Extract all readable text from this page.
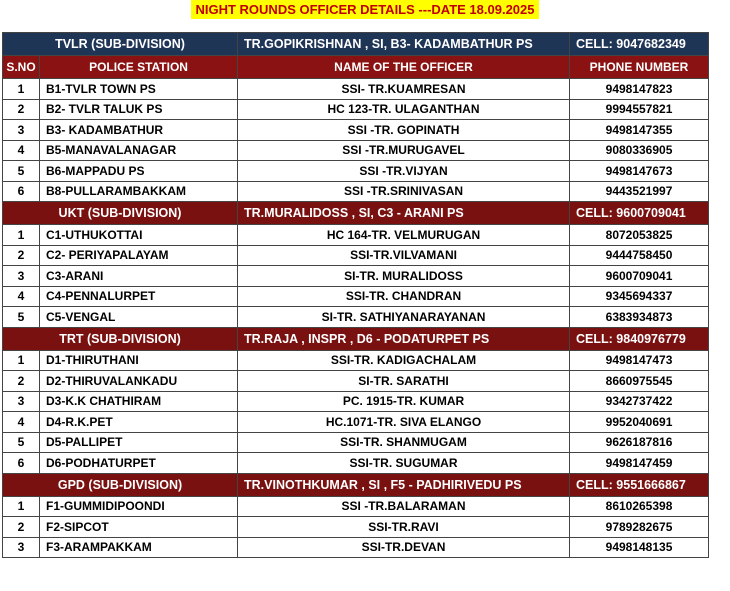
NIGHT ROUNDS OFFICER DETAILS ---DATE 18.09.2025
TVLR (SUB-DIVISION)		TR.GOPIKRISHNAN , SI, B3- KADAMBATHUR PS	CELL: 9047682349
S.NO	POLICE STATION	NAME OF THE OFFICER	PHONE NUMBER
1	B1-TVLR TOWN PS	SSI- TR.KUAMRESAN	9498147823
2	B2- TVLR TALUK PS	HC 123-TR. ULAGANTHAN	9994557821
3	B3- KADAMBATHUR	SSI -TR. GOPINATH	9498147355
4	B5-MANAVALANAGAR	SSI -TR.MURUGAVEL	9080336905
5	B6-MAPPADU PS	SSI -TR.VIJYAN	9498147673
6	B8-PULLARAMBAKKAM	SSI -TR.SRINIVASAN	9443521997
UKT (SUB-DIVISION)		TR.MURALIDOSS , SI, C3 - ARANI PS	CELL: 9600709041
1	C1-UTHUKOTTAI	HC 164-TR. VELMURUGAN	8072053825
2	C2- PERIYAPALAYAM	SSI-TR.VILVAMANI	9444758450
3	C3-ARANI	SI-TR. MURALIDOSS	9600709041
4	C4-PENNALURPET	SSI-TR. CHANDRAN	9345694337
5	C5-VENGAL	SI-TR. SATHIYANARAYANAN	6383934873
TRT (SUB-DIVISION)		TR.RAJA , INSPR , D6 - PODATURPET PS	CELL: 9840976779
1	D1-THIRUTHANI	SSI-TR. KADIGACHALAM	9498147473
2	D2-THIRUVALANKADU	SI-TR. SARATHI	8660975545
3	D3-K.K CHATHIRAM	PC. 1915-TR. KUMAR	9342737422
4	D4-R.K.PET	HC.1071-TR. SIVA ELANGO	9952040691
5	D5-PALLIPET	SSI-TR. SHANMUGAM	9626187816
6	D6-PODHATURPET	SSI-TR. SUGUMAR	9498147459
GPD (SUB-DIVISION)		TR.VINOTHKUMAR , SI , F5 - PADHIRIVEDU PS	CELL: 9551666867
1	F1-GUMMIDIPOONDI	SSI -TR.BALARAMAN	8610265398
2	F2-SIPCOT	SSI-TR.RAVI	9789282675
3	F3-ARAMPAKKAM	SSI-TR.DEVAN	9498148135
